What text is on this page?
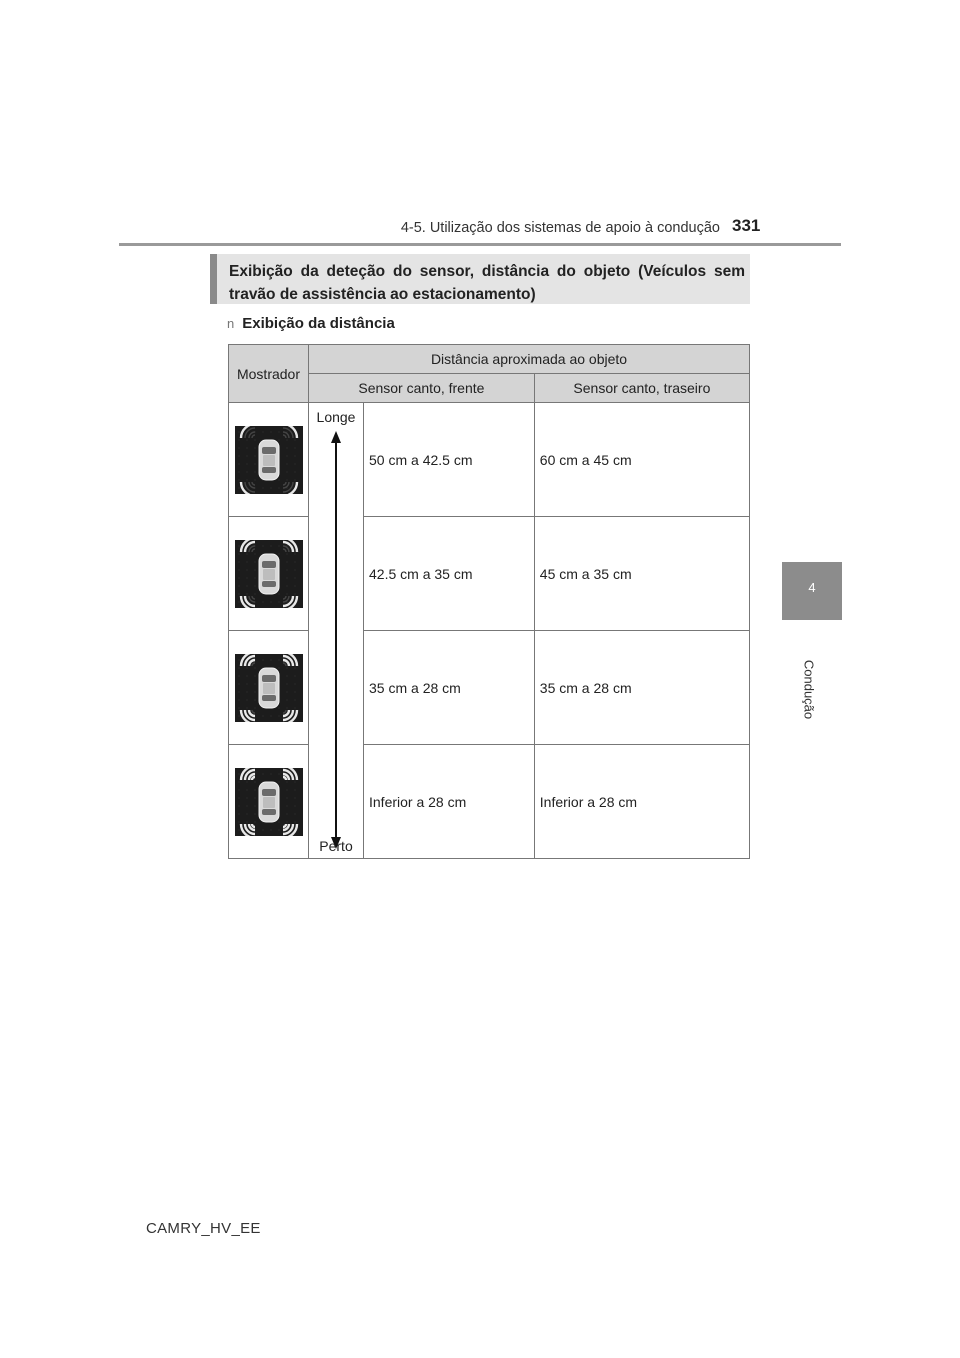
4-5. Utilização dos sistemas de apoio à condução 331
4
Condução
Exibição da deteção do sensor, distância do objeto (Veículos sem travão de assistência ao estacionamento)
n Exibição da distância
Mostrador	Distância aproximada ao objeto		
	Sensor canto, frente		Sensor canto, traseiro

Longe
Perto	50 cm a 42.5 cm	60 cm a 45 cm

	42.5 cm a 35 cm	45 cm a 35 cm

	35 cm a 28 cm	35 cm a 28 cm

	Inferior a 28 cm	Inferior a 28 cm
CAMRY_HV_EE
